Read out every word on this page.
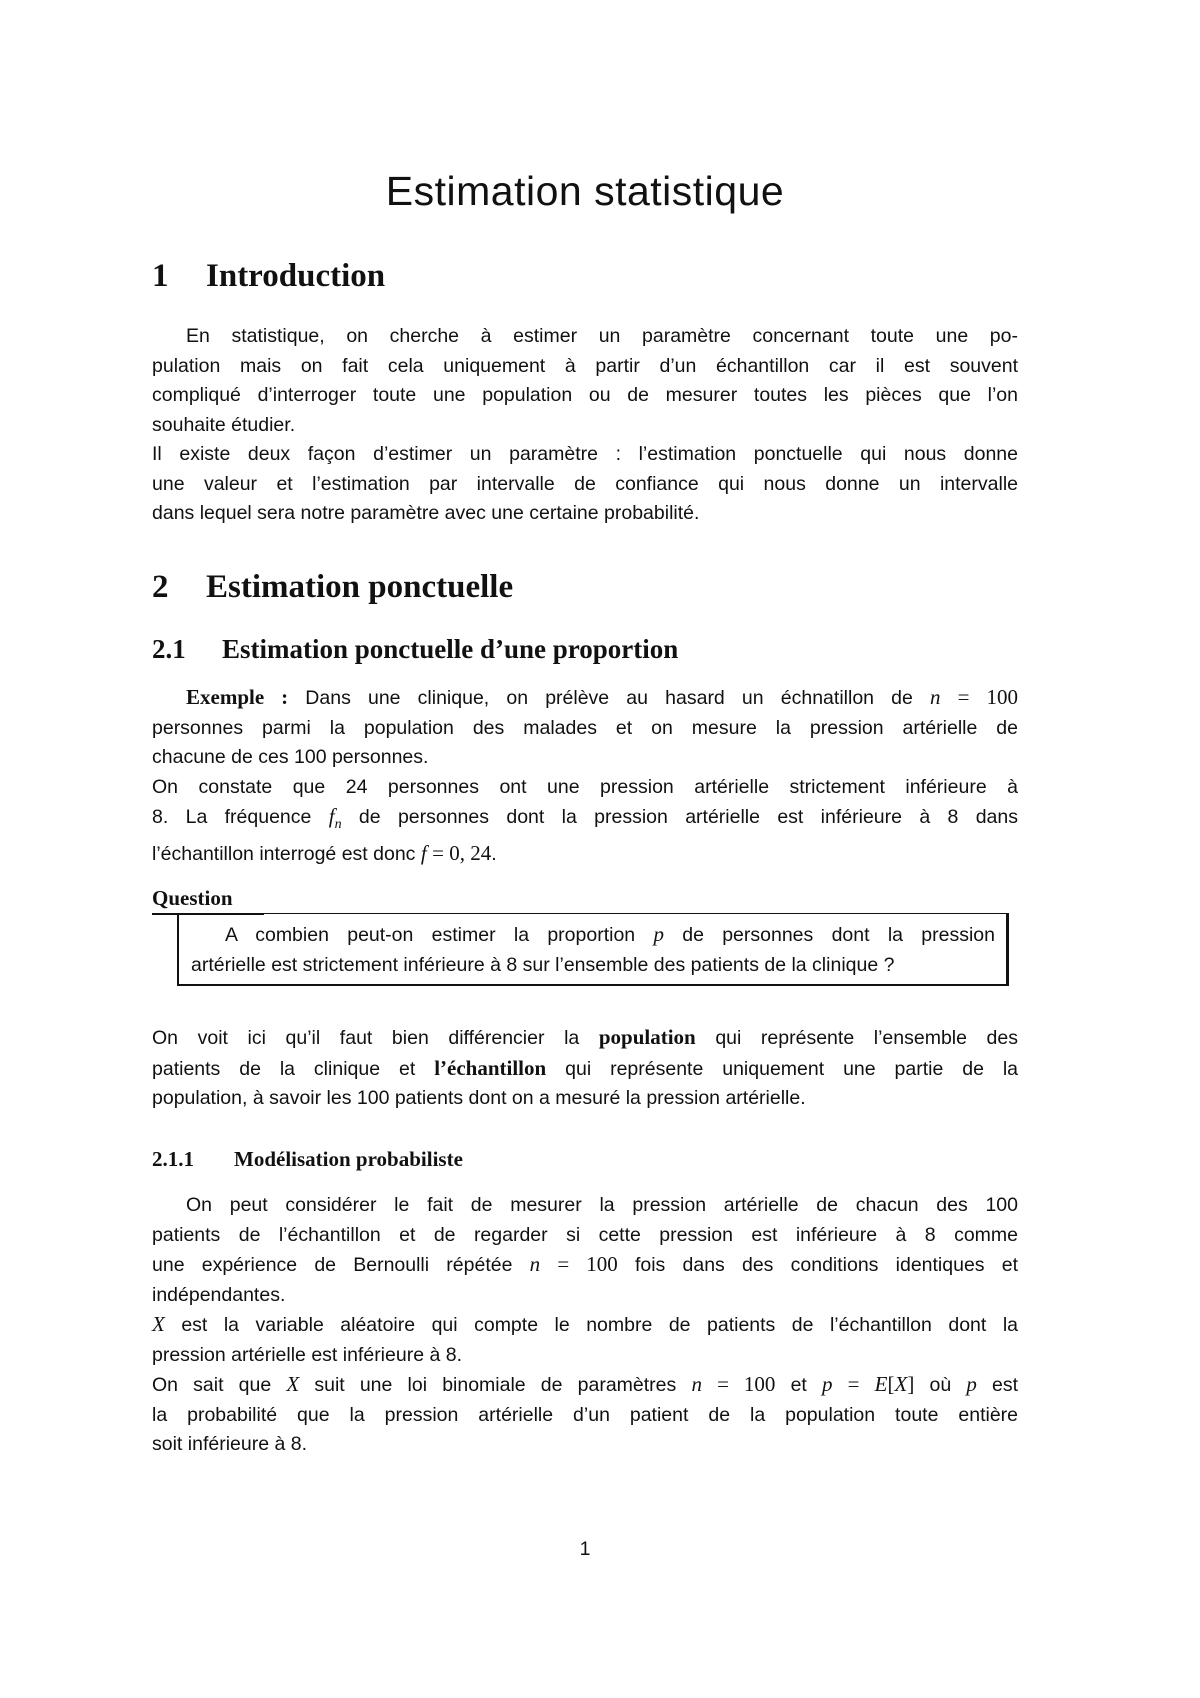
Estimation statistique
1 Introduction
En statistique, on cherche à estimer un paramètre concernant toute une po-
pulation mais on fait cela uniquement à partir d’un échantillon car il est souvent
compliqué d’interroger toute une population ou de mesurer toutes les pièces que l’on
souhaite étudier.
Il existe deux façon d’estimer un paramètre : l’estimation ponctuelle qui nous donne
une valeur et l’estimation par intervalle de confiance qui nous donne un intervalle
dans lequel sera notre paramètre avec une certaine probabilité.
2 Estimation ponctuelle
2.1 Estimation ponctuelle d’une proportion
Exemple : Dans une clinique, on prélève au hasard un échnatillon de n = 100
personnes parmi la population des malades et on mesure la pression artérielle de
chacune de ces 100 personnes.
On constate que 24 personnes ont une pression artérielle strictement inférieure à
8. La fréquence $f_n$ de personnes dont la pression artérielle est inférieure à 8 dans
l’échantillon interrogé est donc f = 0, 24.
Question
A combien peut-on estimer la proportion p de personnes dont la pression
artérielle est strictement inférieure à 8 sur l’ensemble des patients de la clinique ?
On voit ici qu’il faut bien différencier la population qui représente l’ensemble des
patients de la clinique et l’échantillon qui représente uniquement une partie de la
population, à savoir les 100 patients dont on a mesuré la pression artérielle.
2.1.1 Modélisation probabiliste
On peut considérer le fait de mesurer la pression artérielle de chacun des 100
patients de l’échantillon et de regarder si cette pression est inférieure à 8 comme
une expérience de Bernoulli répétée n = 100 fois dans des conditions identiques et
indépendantes.
X est la variable aléatoire qui compte le nombre de patients de l’échantillon dont la
pression artérielle est inférieure à 8.
On sait que X suit une loi binomiale de paramètres n = 100 et p = E[X] où p est
la probabilité que la pression artérielle d’un patient de la population toute entière
soit inférieure à 8.
1
